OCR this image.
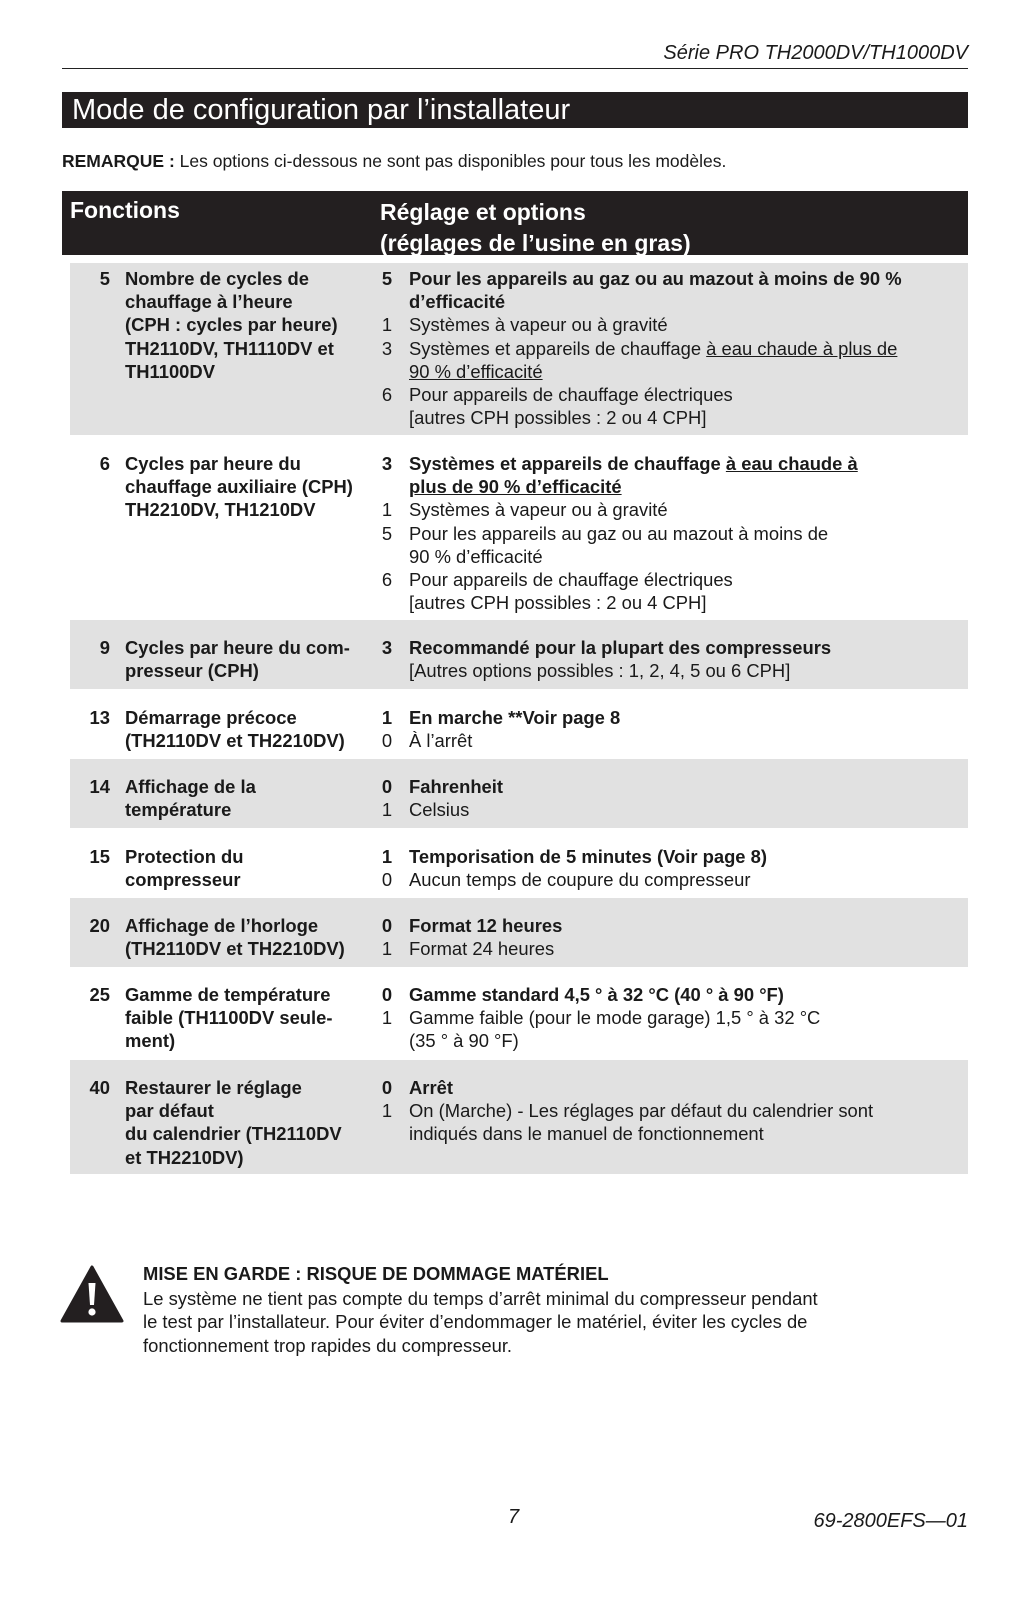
Série PRO TH2000DV/TH1000DV
Mode de configuration par l’installateur
REMARQUE : Les options ci-dessous ne sont pas disponibles pour tous les modèles.
Fonctions	Réglage et options
(réglages de l’usine en gras)
5 Nombre de cycles de
chauffage à l’heure
(CPH : cycles par heure)
TH2110DV, TH1110DV et
TH1100DV
5 Pour les appareils au gaz ou au mazout à moins de 90 %
d’efficacité
1 Systèmes à vapeur ou à gravité
3 Systèmes et appareils de chauffage à eau chaude à plus de
90 % d’efficacité
6 Pour appareils de chauffage électriques
[autres CPH possibles : 2 ou 4 CPH]
6 Cycles par heure du
chauffage auxiliaire (CPH)
TH2210DV, TH1210DV
3 Systèmes et appareils de chauffage à eau chaude à
plus de 90 % d’efficacité
1 Systèmes à vapeur ou à gravité
5 Pour les appareils au gaz ou au mazout à moins de
90 % d’efficacité
6 Pour appareils de chauffage électriques
[autres CPH possibles : 2 ou 4 CPH]
9 Cycles par heure du com-
presseur (CPH)
3 Recommandé pour la plupart des compresseurs
[Autres options possibles : 1, 2, 4, 5 ou 6 CPH]
13 Démarrage précoce
(TH2110DV et TH2210DV)
1 En marche **Voir page 8
0 À l’arrêt
14 Affichage de la
température
0 Fahrenheit
1 Celsius
15 Protection du
compresseur
1 Temporisation de 5 minutes (Voir page 8)
0 Aucun temps de coupure du compresseur
20 Affichage de l’horloge
(TH2110DV et TH2210DV)
0 Format 12 heures
1 Format 24 heures
25 Gamme de température
faible (TH1100DV seule-
ment)
0 Gamme standard 4,5 ° à 32 °C (40 ° à 90 °F)
1 Gamme faible (pour le mode garage) 1,5 ° à 32 °C
(35 ° à 90 °F)
40 Restaurer le réglage
par défaut
du calendrier (TH2110DV
et TH2210DV)
0 Arrêt
1 On (Marche) - Les réglages par défaut du calendrier sont
indiqués dans le manuel de fonctionnement
MISE EN GARDE : RISQUE DE DOMMAGE MATÉRIEL
Le système ne tient pas compte du temps d’arrêt minimal du compresseur pendant
le test par l’installateur. Pour éviter d’endommager le matériel, éviter les cycles de
fonctionnement trop rapides du compresseur.
7	69-2800EFS—01
